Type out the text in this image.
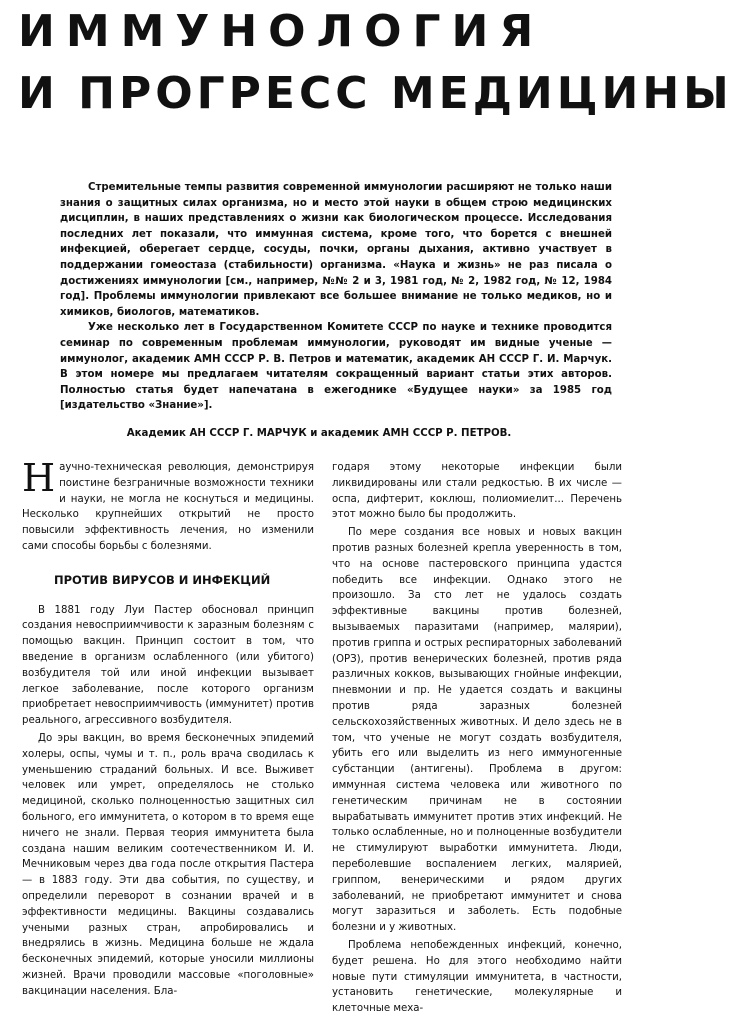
ИММУНОЛОГИЯ
И ПРОГРЕСС МЕДИЦИНЫ

Стремительные темпы развития современной иммунологии расширяют не только наши знания о защитных силах организма, но и место этой науки в общем строю медицинских дисциплин, в наших представлениях о жизни как биологическом процессе. Исследования последних лет показали, что иммунная система, кроме того, что борется с внешней инфекцией, оберегает сердце, сосуды, почки, органы дыхания, активно участвует в поддержании гомеостаза (стабильности) организма. «Наука и жизнь» не раз писала о достижениях иммунологии [см., например, №№ 2 и 3, 1981 год, № 2, 1982 год, № 12, 1984 год]. Проблемы иммунологии привлекают все большее внимание не только медиков, но и химиков, биологов, математиков.

Уже несколько лет в Государственном Комитете СССР по науке и технике проводится семинар по современным проблемам иммунологии, руководят им видные ученые — иммунолог, академик АМН СССР Р. В. Петров и математик, академик АН СССР Г. И. Марчук. В этом номере мы предлагаем читателям сокращенный вариант статьи этих авторов. Полностью статья будет напечатана в ежегоднике «Будущее науки» за 1985 год [издательство «Знание»].

Академик АН СССР Г. МАРЧУК и академик АМН СССР Р. ПЕТРОВ.

Научно-техническая революция, демонстрируя поистине безграничные возможности техники и науки, не могла не коснуться и медицины. Несколько крупнейших открытий не просто повысили эффективность лечения, но изменили сами способы борьбы с болезнями.

ПРОТИВ ВИРУСОВ И ИНФЕКЦИЙ

В 1881 году Луи Пастер обосновал принцип создания невосприимчивости к заразным болезням с помощью вакцин. Принцип состоит в том, что введение в организм ослабленного (или убитого) возбудителя той или иной инфекции вызывает легкое заболевание, после которого организм приобретает невосприимчивость (иммунитет) против реального, агрессивного возбудителя.

До эры вакцин, во время бесконечных эпидемий холеры, оспы, чумы и т. п., роль врача сводилась к уменьшению страданий больных. И все. Выживет человек или умрет, определялось не столько медициной, сколько полноценностью защитных сил больного, его иммунитета, о котором в то время еще ничего не знали. Первая теория иммунитета была создана нашим великим соотечественником И. И. Мечниковым через два года после открытия Пастера — в 1883 году. Эти два события, по существу, и определили переворот в сознании врачей и в эффективности медицины. Вакцины создавались учеными разных стран, апробировались и внедрялись в жизнь. Медицина больше не ждала бесконечных эпидемий, которые уносили миллионы жизней. Врачи проводили массовые «поголовные» вакцинации населения. Бла-

годаря этому некоторые инфекции были ликвидированы или стали редкостью. В их числе — оспа, дифтерит, коклюш, полиомиелит... Перечень этот можно было бы продолжить.

По мере создания все новых и новых вакцин против разных болезней крепла уверенность в том, что на основе пастеровского принципа удастся победить все инфекции. Однако этого не произошло. За сто лет не удалось создать эффективные вакцины против болезней, вызываемых паразитами (например, малярии), против гриппа и острых респираторных заболеваний (ОРЗ), против венерических болезней, против ряда различных кокков, вызывающих гнойные инфекции, пневмонии и пр. Не удается создать и вакцины против ряда заразных болезней сельскохозяйственных животных. И дело здесь не в том, что ученые не могут создать возбудителя, убить его или выделить из него иммуногенные субстанции (антигены). Проблема в другом: иммунная система человека или животного по генетическим причинам не в состоянии вырабатывать иммунитет против этих инфекций. Не только ослабленные, но и полноценные возбудители не стимулируют выработки иммунитета. Люди, переболевшие воспалением легких, малярией, гриппом, венерическими и рядом других заболеваний, не приобретают иммунитет и снова могут заразиться и заболеть. Есть подобные болезни и у животных.

Проблема непобежденных инфекций, конечно, будет решена. Но для этого необходимо найти новые пути стимуляции иммунитета, в частности, установить генетические, молекулярные и клеточные меха-
